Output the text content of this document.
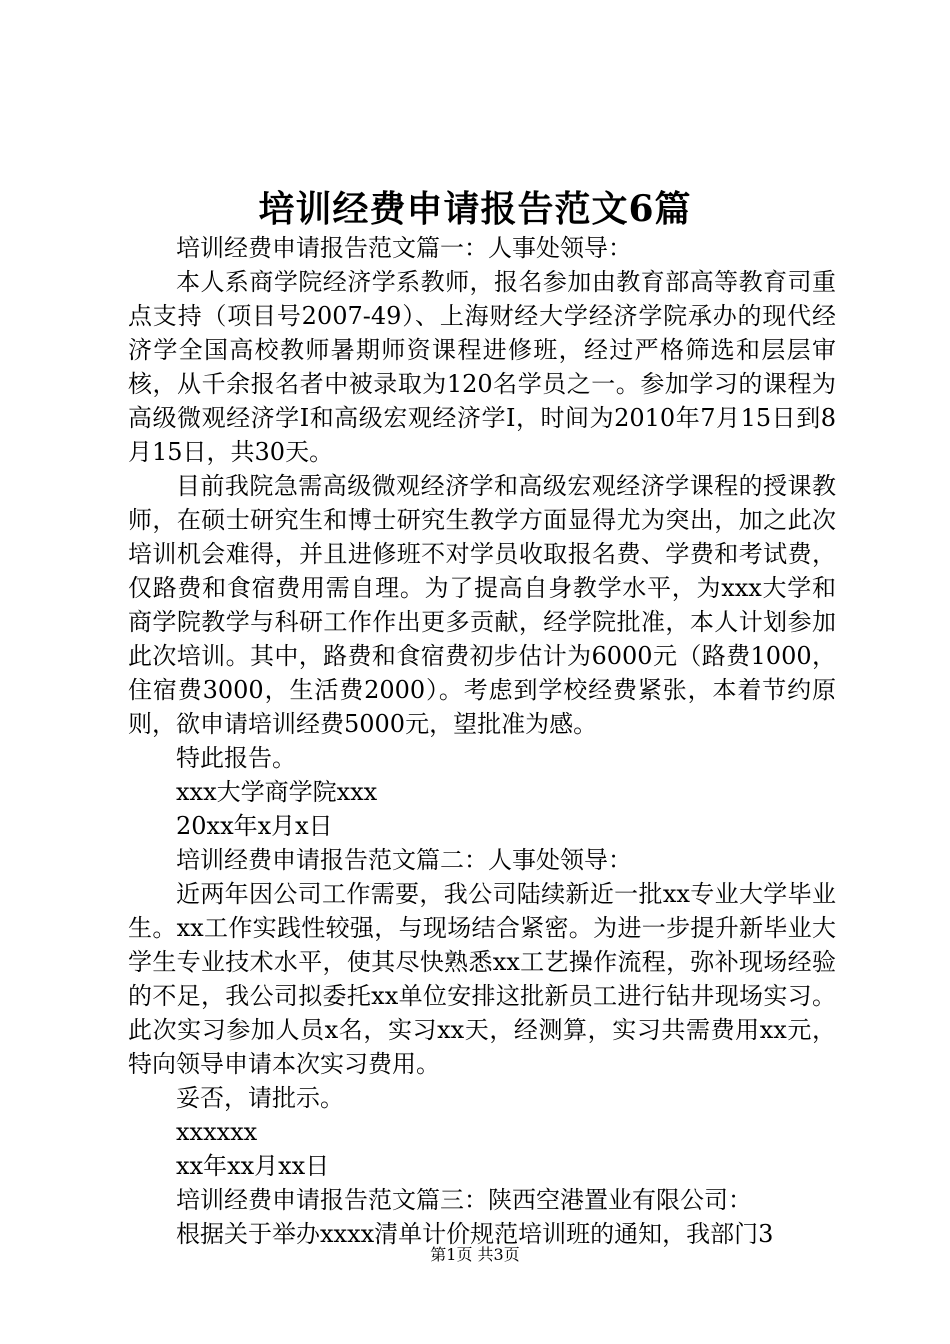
培训经费申请报告范文6篇

培训经费申请报告范文篇一：人事处领导：

本人系商学院经济学系教师，报名参加由教育部高等教育司重点支持（项目号2007-49）、上海财经大学经济学院承办的现代经济学全国高校教师暑期师资课程进修班，经过严格筛选和层层审核，从千余报名者中被录取为120名学员之一。参加学习的课程为高级微观经济学Ⅰ和高级宏观经济学Ⅰ，时间为2010年7月15日到8月15日，共30天。

目前我院急需高级微观经济学和高级宏观经济学课程的授课教师，在硕士研究生和博士研究生教学方面显得尤为突出，加之此次培训机会难得，并且进修班不对学员收取报名费、学费和考试费，仅路费和食宿费用需自理。为了提高自身教学水平，为xxx大学和商学院教学与科研工作作出更多贡献，经学院批准，本人计划参加此次培训。其中，路费和食宿费初步估计为6000元（路费1000，住宿费3000，生活费2000）。考虑到学校经费紧张，本着节约原则，欲申请培训经费5000元，望批准为感。

特此报告。

xxx大学商学院xxx

20xx年x月x日

培训经费申请报告范文篇二：人事处领导：

近两年因公司工作需要，我公司陆续新近一批xx专业大学毕业生。xx工作实践性较强，与现场结合紧密。为进一步提升新毕业大学生专业技术水平，使其尽快熟悉xx工艺操作流程，弥补现场经验的不足，我公司拟委托xx单位安排这批新员工进行钻井现场实习。此次实习参加人员x名，实习xx天，经测算，实习共需费用xx元，特向领导申请本次实习费用。

妥否，请批示。

xxxxxx

xx年xx月xx日

培训经费申请报告范文篇三：陕西空港置业有限公司：

根据关于举办xxxx清单计价规范培训班的通知，我部门3

第1页 共3页
